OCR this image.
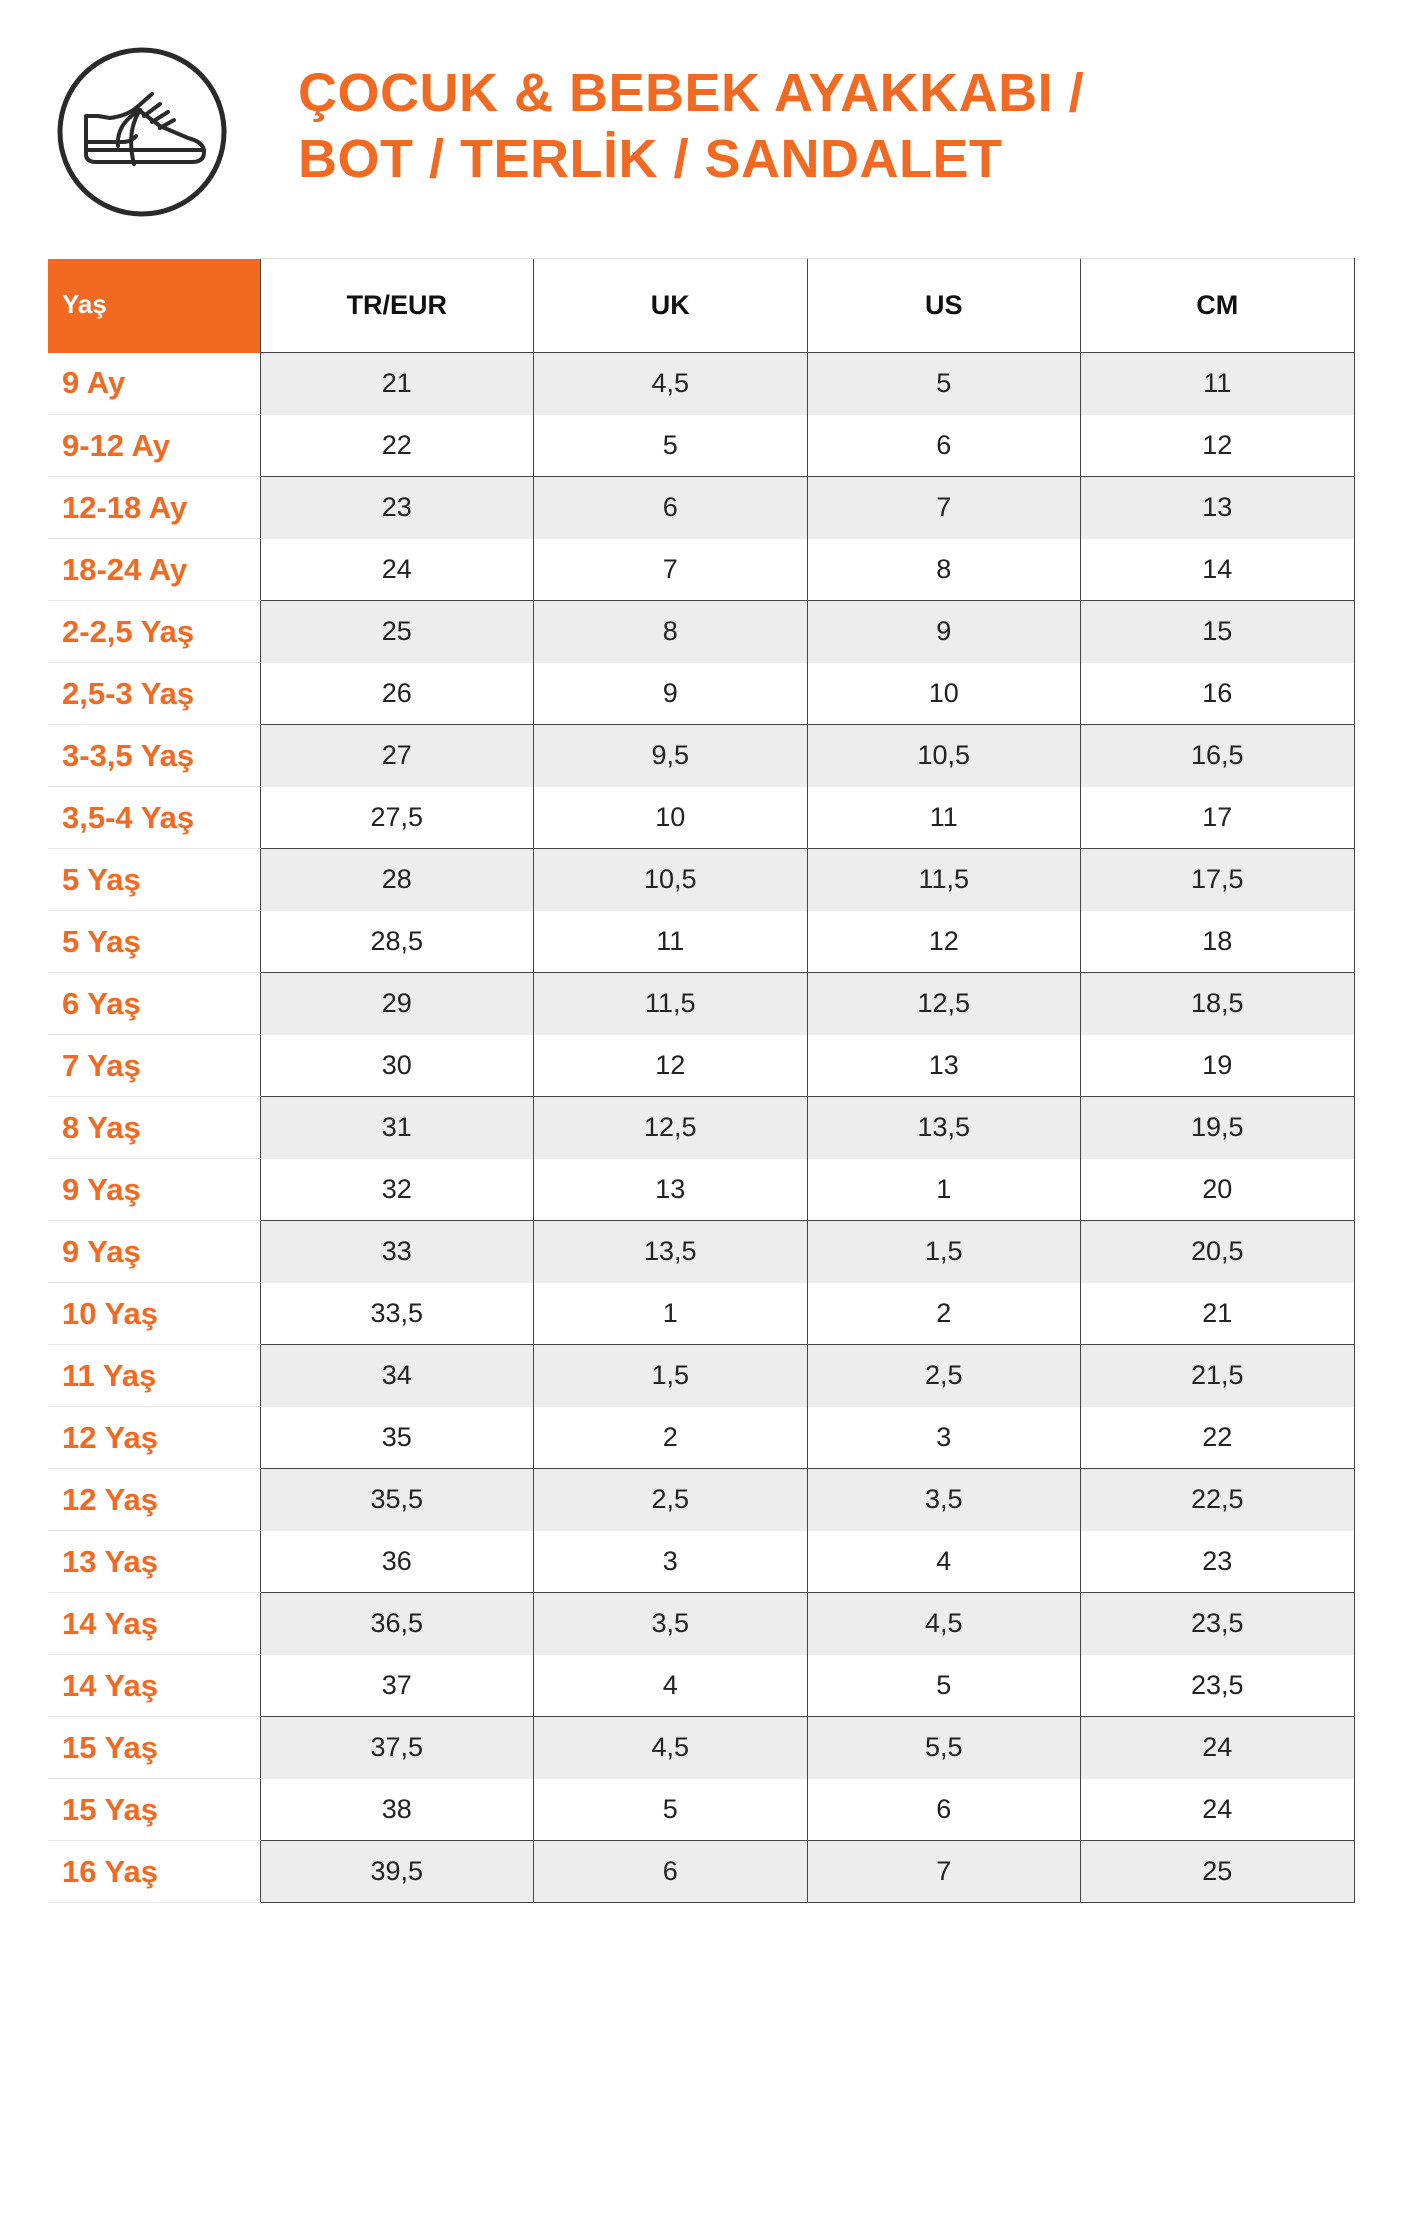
ÇOCUK & BEBEK AYAKKABI /
BOT / TERLİK / SANDALET
Yaş	TR/EUR	UK	US	CM
9 Ay	21	4,5	5	11
9-12 Ay	22	5	6	12
12-18 Ay	23	6	7	13
18-24 Ay	24	7	8	14
2-2,5 Yaş	25	8	9	15
2,5-3 Yaş	26	9	10	16
3-3,5 Yaş	27	9,5	10,5	16,5
3,5-4 Yaş	27,5	10	11	17
5 Yaş	28	10,5	11,5	17,5
5 Yaş	28,5	11	12	18
6 Yaş	29	11,5	12,5	18,5
7 Yaş	30	12	13	19
8 Yaş	31	12,5	13,5	19,5
9 Yaş	32	13	1	20
9 Yaş	33	13,5	1,5	20,5
10 Yaş	33,5	1	2	21
11 Yaş	34	1,5	2,5	21,5
12 Yaş	35	2	3	22
12 Yaş	35,5	2,5	3,5	22,5
13 Yaş	36	3	4	23
14 Yaş	36,5	3,5	4,5	23,5
14 Yaş	37	4	5	23,5
15 Yaş	37,5	4,5	5,5	24
15 Yaş	38	5	6	24
16 Yaş	39,5	6	7	25
